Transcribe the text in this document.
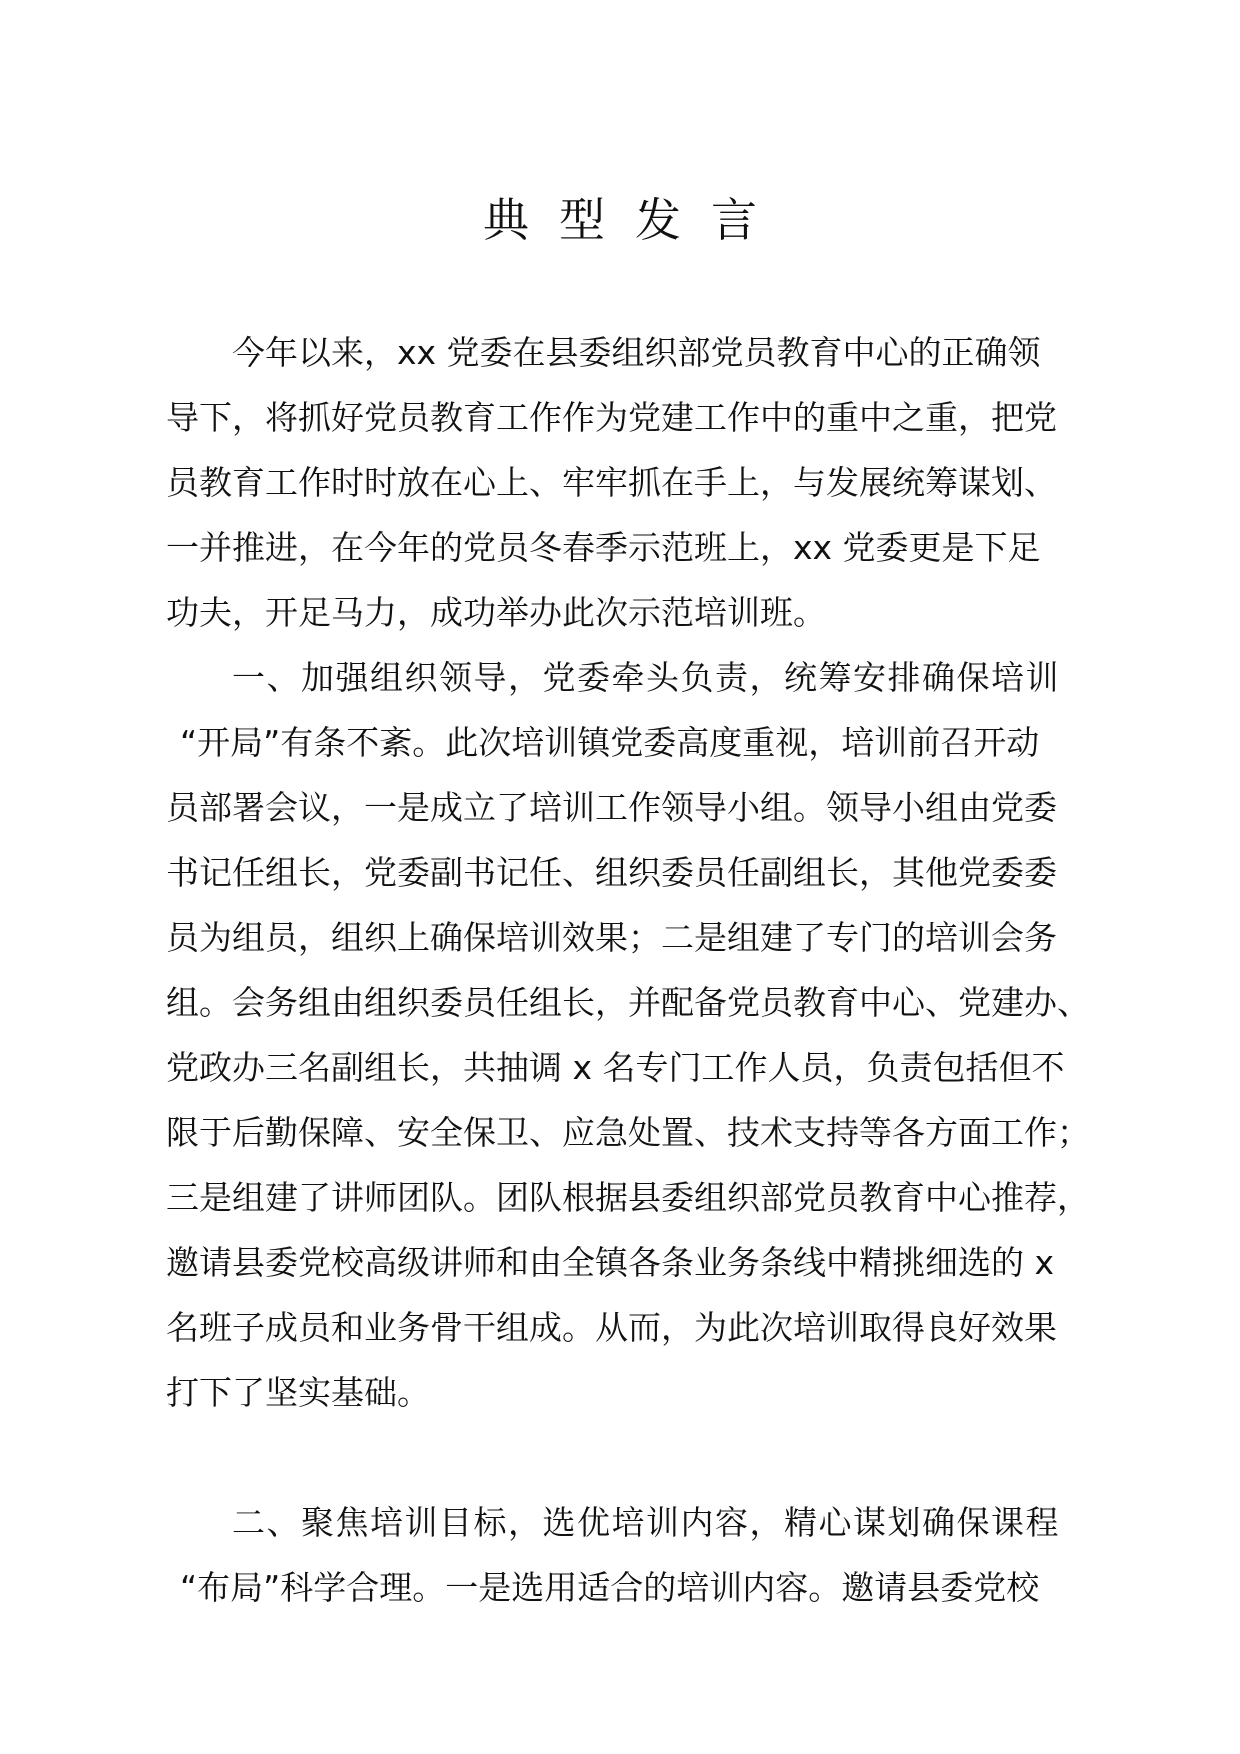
典型发言

今年以来，xx 党委在县委组织部党员教育中心的正确领
导下，将抓好党员教育工作作为党建工作中的重中之重，把党
员教育工作时时放在心上、牢牢抓在手上，与发展统筹谋划、
一并推进，在今年的党员冬春季示范班上，xx 党委更是下足
功夫，开足马力，成功举办此次示范培训班。

一、加强组织领导，党委牵头负责，统筹安排确保培训
“开局”有条不紊。此次培训镇党委高度重视，培训前召开动
员部署会议，一是成立了培训工作领导小组。领导小组由党委
书记任组长，党委副书记任、组织委员任副组长，其他党委委
员为组员，组织上确保培训效果；二是组建了专门的培训会务
组。会务组由组织委员任组长，并配备党员教育中心、党建办、
党政办三名副组长，共抽调 x 名专门工作人员，负责包括但不
限于后勤保障、安全保卫、应急处置、技术支持等各方面工作；
三是组建了讲师团队。团队根据县委组织部党员教育中心推荐，
邀请县委党校高级讲师和由全镇各条业务条线中精挑细选的 x
名班子成员和业务骨干组成。从而，为此次培训取得良好效果
打下了坚实基础。

二、聚焦培训目标，选优培训内容，精心谋划确保课程
“布局”科学合理。一是选用适合的培训内容。邀请县委党校
